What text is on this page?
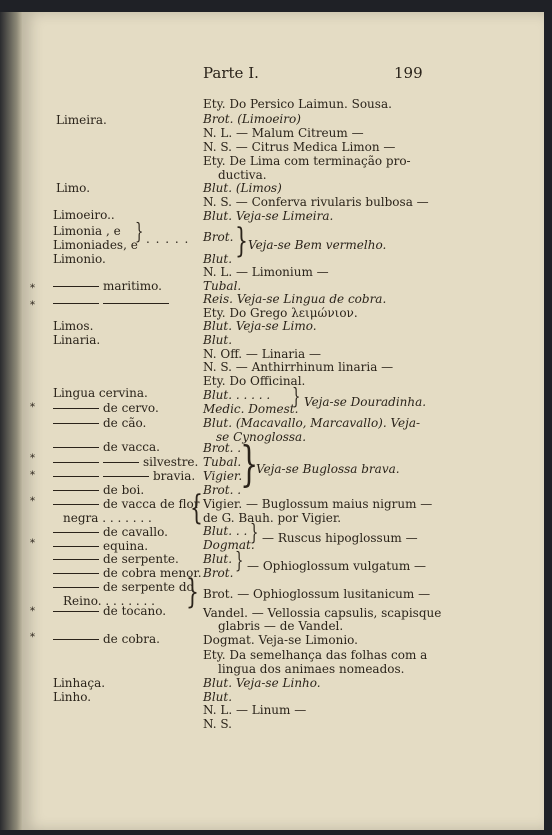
Parte I.	199
*
*
*
*
*
*
*
*
*
Limeira.
Limo.
Limoeiro..
Limonia , e
Limoniades, e
} . . . . .
Limonio.
maritimo.
Limos.
Linaria.
Lingua cervina.
de cervo.
de cão.
de vacca.
silvestre.
bravia.
de boi.
de vacca de flor
negra . . . . . . . {
de cavallo.
equina.
de serpente.
de cobra menor.
de serpente do
Reino. . . . . . . . }
de tocano.
de cobra.
Linhaça.
Linho.
Ety. Do Persico Laimun. Sousa.
Brot. (Limoeiro)
N. L. — Malum Citreum —
N. S. — Citrus Medica Limon —
Ety. De Lima com terminação pro-
ductiva.
Blut. (Limos)
N. S. — Conferva rivularis bulbosa —
Blut. Veja-se Limeira.
Brot.
Blut. } Veja-se Bem vermelho.
N. L. — Limonium —
Tubal.
Reis. Veja-se Lingua de cobra.
Ety. Do Grego λειμώνιον.
Blut. Veja-se Limo.
Blut.
N. Off. — Linaria —
N. S. — Anthirrhinum linaria —
Ety. Do Officinal.
Blut. . . . . .
Medic. Domest.
} Veja-se Douradinha.
Blut. (Macavallo, Marcavallo). Veja-
se Cynoglossa.
Brot. .
Tubal.
Vigier.
Brot. .
}
Veja-se Buglossa brava.
Vigier. — Buglossum maius nigrum —
de G. Bauh. por Vigier.
Blut. . .
Dogmat.
} — Ruscus hipoglossum —
Blut.
Brot. } — Ophioglossum vulgatum —
Brot. — Ophioglossum lusitanicum —
Vandel. — Vellossia capsulis, scapisque
glabris — de Vandel.
Dogmat. Veja-se Limonio.
Ety. Da semelhança das folhas com a
lingua dos animaes nomeados.
Blut. Veja-se Linho.
Blut.
N. L. — Linum —
N. S.
